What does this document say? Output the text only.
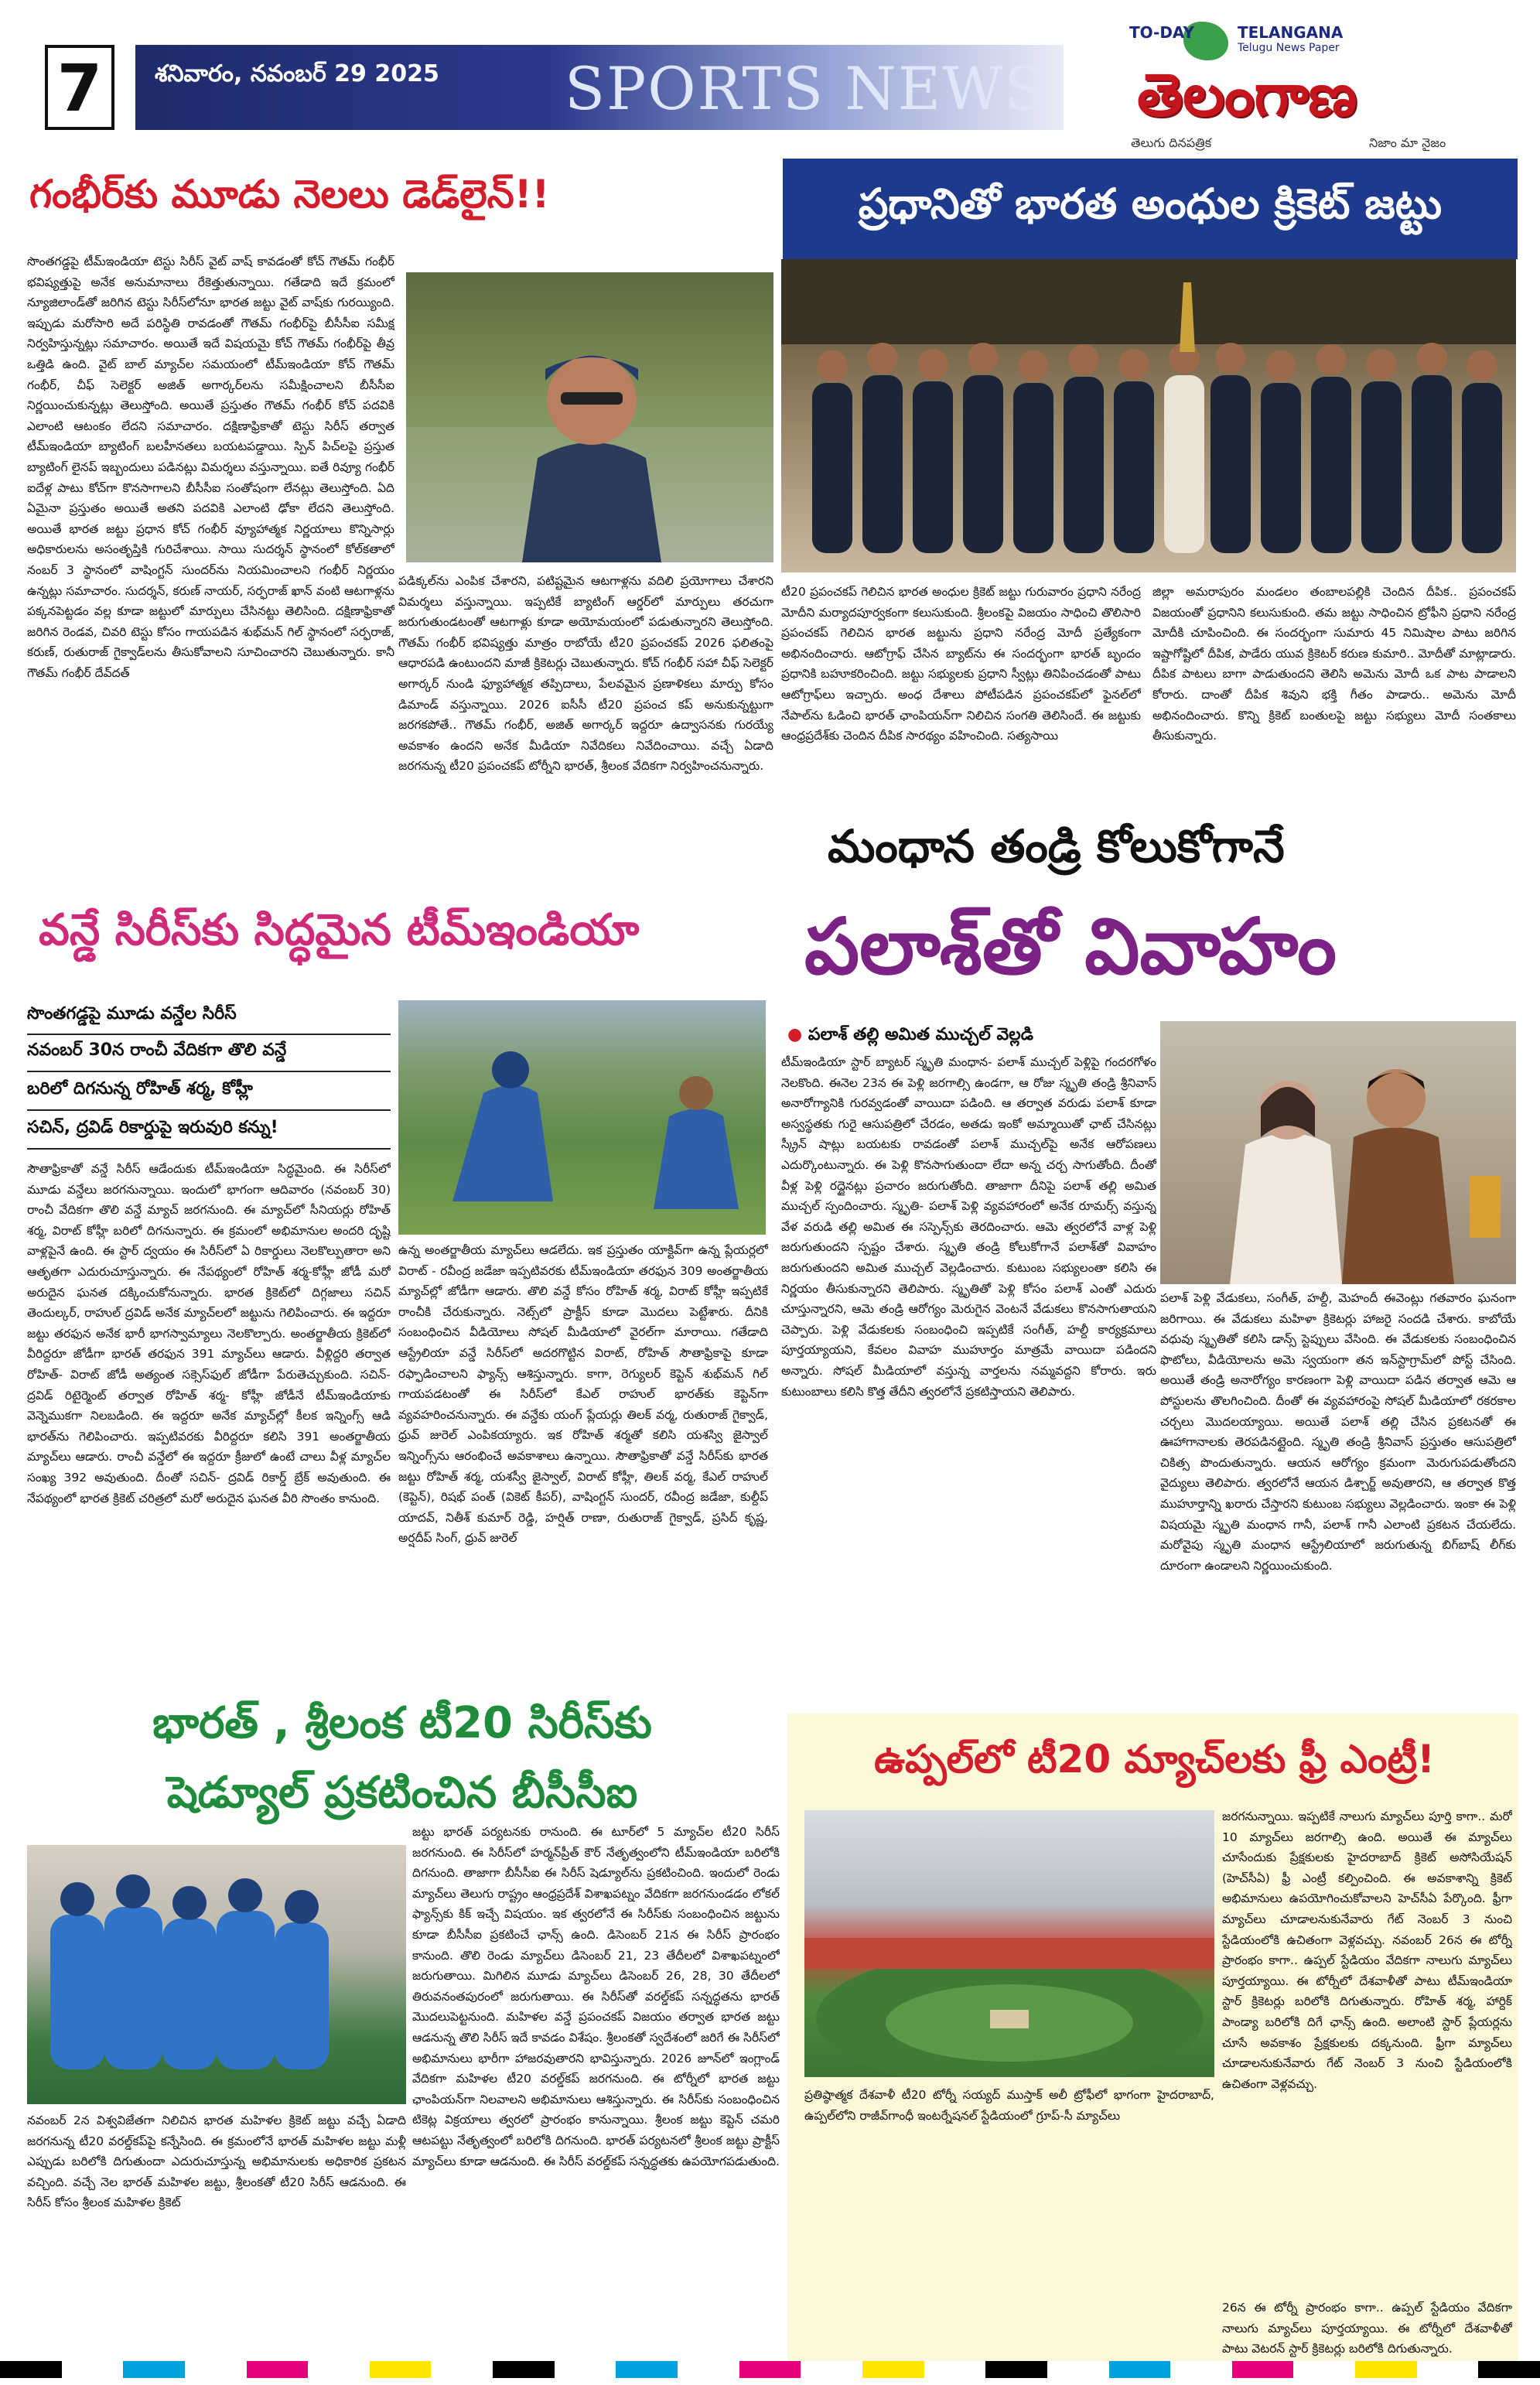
7	శనివారం, నవంబర్ 29 2025 SPORTS NEWS
TO-DAY	TELANGANA
Telugu News Paper
తెలంగాణ
తెలుగు దినపత్రిక	నిజాం మా నైజం
గంభీర్‌కు మూడు నెలలు డెడ్‌లైన్!!
సొంతగడ్డపై టీమ్‌ఇండియా టెస్టు సిరీస్ వైట్ వాష్ కావడంతో కోచ్ గౌతమ్ గంభీర్ భవిష్యత్తుపై అనేక అనుమానాలు రేకెత్తుతున్నాయి. గతేడాది ఇదే క్రమంలో న్యూజిలాండ్‌తో జరిగిన టెస్టు సిరీస్‌లోనూ భారత జట్టు వైట్ వాష్‌కు గురయ్యింది. ఇప్పుడు మరోసారి అదే పరిస్థితి రావడంతో గౌతమ్ గంభీర్‌పై బీసీసీఐ సమీక్ష నిర్వహిస్తున్నట్లు సమాచారం. అయితే ఇదే విషయమై కోచ్ గౌతమ్ గంభీర్‌పై తీవ్ర ఒత్తిడి ఉంది. వైట్ బాల్ మ్యాచ్‌ల సమయంలో టీమ్‌ఇండియా కోచ్ గౌతమ్ గంభీర్, చీఫ్ సెలెక్టర్ అజిత్ అగార్కర్‌లను సమీక్షించాలని బీసీసీఐ నిర్ణయించుకున్నట్లు తెలుస్తోంది. అయితే ప్రస్తుతం గౌతమ్ గంభీర్ కోచ్ పదవికి ఎలాంటి ఆటంకం లేదని సమాచారం. దక్షిణాఫ్రికాతో టెస్టు సిరీస్ తర్వాత టీమ్‌ఇండియా బ్యాటింగ్ బలహీనతలు బయటపడ్డాయి. స్పిన్ పిచ్‌లపై ప్రస్తుత బ్యాటింగ్ లైనప్ ఇబ్బందులు పడినట్లు విమర్శలు వస్తున్నాయి. ఐతే రివ్యూ గంభీర్ ఐదేళ్ల పాటు కోచ్‌గా కొనసాగాలని బీసీసీఐ సంతోషంగా లేనట్లు తెలుస్తోంది. ఏది ఏమైనా ప్రస్తుతం అయితే అతని పదవికి ఎలాంటి ఢోకా లేదని తెలుస్తోంది. అయితే భారత జట్టు ప్రధాన కోచ్ గంభీర్ వ్యూహాత్మక నిర్ణయాలు కొన్నిసార్లు అధికారులను అసంతృప్తికి గురిచేశాయి. సాయి సుదర్శన్ స్థానంలో కోల్‌కతాలో నంబర్ 3 స్థానంలో వాషింగ్టన్ సుందర్‌ను నియమించాలని గంభీర్ నిర్ణయం ఉన్నట్లు సమాచారం. సుదర్శన్, కరుణ్ నాయర్, సర్ఫరాజ్ ఖాన్ వంటి ఆటగాళ్లను పక్కనపెట్టడం వల్ల కూడా జట్టులో మార్పులు చేసినట్టు తెలిసింది. దక్షిణాఫ్రికాతో జరిగిన రెండవ, చివరి టెస్టు కోసం గాయపడిన శుభ్‌మన్ గిల్ స్థానంలో సర్ఫరాజ్, కరుణ్, రుతురాజ్ గైక్వాడ్‌లను తీసుకోవాలని సూచించారని చెబుతున్నారు. కానీ గౌతమ్ గంభీర్ దేవ్‌దత్
పడిక్కల్‌ను ఎంపిక చేశారని, పటిష్టమైన ఆటగాళ్లను వదిలి ప్రయోగాలు చేశారని విమర్శలు వస్తున్నాయి. ఇప్పటికే బ్యాటింగ్ ఆర్డర్‌లో మార్పులు తరచుగా జరుగుతుండటంతో ఆటగాళ్లు కూడా అయోమయంలో పడుతున్నారని తెలుస్తోంది. గౌతమ్ గంభీర్ భవిష్యత్తు మాత్రం రాబోయే టీ20 ప్రపంచకప్ 2026 ఫలితంపై ఆధారపడి ఉంటుందని మాజీ క్రికెటర్లు చెబుతున్నారు. కోచ్ గంభీర్ సహా చీఫ్ సెలెక్టర్ అగార్కర్ నుండి ఫ్యూహాత్మక తప్పిదాలు, పేలవమైన ప్రణాళికలు మార్పు కోసం డిమాండ్ వస్తున్నాయి. 2026 ఐసీసీ టీ20 ప్రపంచ కప్ అనుకున్నట్టుగా జరగకపోతే.. గౌతమ్ గంభీర్, అజిత్ అగార్కర్ ఇద్దరూ ఉద్వాసనకు గురయ్యే అవకాశం ఉందని అనేక మీడియా నివేదికలు నివేదించాయి. వచ్చే ఏడాది జరగనున్న టీ20 ప్రపంచకప్ టోర్నీని భారత్, శ్రీలంక వేదికగా నిర్వహించనున్నారు.
ప్రధానితో భారత అంధుల క్రికెట్ జట్టు
టీ20 ప్రపంచకప్ గెలిచిన భారత అంధుల క్రికెట్ జట్టు గురువారం ప్రధాని నరేంద్ర మోదీని మర్యాదపూర్వకంగా కలుసుకుంది. శ్రీలంకపై విజయం సాధించి తొలిసారి ప్రపంచకప్ గెలిచిన భారత జట్టును ప్రధాని నరేంద్ర మోదీ ప్రత్యేకంగా అభినందించారు. ఆటోగ్రాఫ్ చేసిన బ్యాట్‌ను ఈ సందర్భంగా భారత్ బృందం ప్రధానికి బహూకరించింది. జట్టు సభ్యులకు ప్రధాని స్వీట్లు తినిపించడంతో పాటు ఆటోగ్రాఫ్‌లు ఇచ్చారు. అంధ దేశాలు పోటీపడిన ప్రపంచకప్‌లో ఫైనల్‌లో నేపాల్‌ను ఓడించి భారత్ ఛాంపియన్‌గా నిలిచిన సంగతి తెలిసిందే. ఈ జట్టుకు ఆంధ్రప్రదేశ్‌కు చెందిన దీపిక సారథ్యం వహించింది. సత్యసాయి
జిల్లా అమరాపురం మండలం తంబాలపల్లికి చెందిన దీపిక.. ప్రపంచకప్ విజయంతో ప్రధానిని కలుసుకుంది. తమ జట్టు సాధించిన ట్రోఫీని ప్రధాని నరేంద్ర మోదీకి చూపించింది. ఈ సందర్భంగా సుమారు 45 నిమిషాల పాటు జరిగిన ఇష్టాగోష్టిలో దీపిక, పాడేరు యువ క్రికెటర్ కరుణ కుమారి.. మోదీతో మాట్లాడారు. దీపిక పాటలు బాగా పాడుతుందని తెలిసి అమెను మోదీ ఒక పాట పాడాలని కోరారు. దాంతో దీపిక శివుని భక్తి గీతం పాడారు.. అమెను మోదీ అభినందించారు. కొన్ని క్రికెట్ బంతులపై జట్టు సభ్యులు మోదీ సంతకాలు తీసుకున్నారు.
మంధాన తండ్రి కోలుకోగానే
పలాశ్‌తో వివాహం
● పలాశ్ తల్లి అమిత ముచ్చల్ వెల్లడి
టీమ్‌ఇండియా స్టార్ బ్యాటర్ స్మృతి మంధాన- పలాశ్ ముచ్చల్ పెళ్లిపై గందరగోళం నెలకొంది. ఈనెల 23న ఈ పెళ్లి జరగాల్సి ఉండగా, ఆ రోజు స్మృతి తండ్రి శ్రీనివాస్ అనారోగ్యానికి గురవ్వడంతో వాయిదా పడింది. ఆ తర్వాత వరుడు పలాశ్ కూడా అస్వస్థతకు గురై ఆసుపత్రిలో చేరడం, అతడు ఇంకో అమ్మాయితో ఛాట్ చేసినట్లు స్క్రీన్ షాట్లు బయటకు రావడంతో పలాశ్ ముచ్చల్‌పై అనేక ఆరోపణలు ఎదుర్కొంటున్నారు. ఈ పెళ్లి కొనసాగుతుందా లేదా అన్న చర్చ సాగుతోంది. దీంతో వీళ్ల పెళ్లి రద్దైనట్లు ప్రచారం జరుగుతోంది. తాజాగా దీనిపై పలాశ్ తల్లి అమిత ముచ్చల్ స్పందించారు. స్మృతి- పలాశ్ పెళ్లి వ్యవహారంలో అనేక రూమర్స్ వస్తున్న వేళ వరుడి తల్లి అమిత ఈ సస్పెన్స్‌కు తెరదించారు. ఆమె త్వరలోనే వాళ్ల పెళ్లి జరుగుతుందని స్పష్టం చేశారు. స్మృతి తండ్రి కోలుకోగానే పలాశ్‌తో వివాహం జరుగుతుందని అమిత ముచ్చల్ వెల్లడించారు. కుటుంబ సభ్యులంతా కలిసి ఈ నిర్ణయం తీసుకున్నారని తెలిపారు. స్మృతితో పెళ్లి కోసం పలాశ్ ఎంతో ఎదురు చూస్తున్నారని, ఆమె తండ్రి ఆరోగ్యం మెరుగైన వెంటనే వేడుకలు కొనసాగుతాయని చెప్పారు. పెళ్లి వేడుకలకు సంబంధించి ఇప్పటికే సంగీత్, హల్దీ కార్యక్రమాలు పూర్తయ్యాయని, కేవలం వివాహ ముహూర్తం మాత్రమే వాయిదా పడిందని అన్నారు. సోషల్ మీడియాలో వస్తున్న వార్తలను నమ్మవద్దని కోరారు. ఇరు కుటుంబాలు కలిసి కొత్త తేదీని త్వరలోనే ప్రకటిస్తాయని తెలిపారు.
పలాశ్ పెళ్లి వేడుకలు, సంగీత్, హల్దీ, మెహందీ ఈవెంట్లు గతవారం ఘనంగా జరిగాయి. ఈ వేడుకలు మహిళా క్రికెటర్లు హాజరై సందడి చేశారు. కాబోయే వధువు స్మృతితో కలిసి డాన్స్ స్టెప్పులు వేసింది. ఈ వేడుకలకు సంబంధించిన ఫొటోలు, వీడియోలను అమె స్వయంగా తన ఇన్‌స్టాగ్రామ్‌లో పోస్ట్ చేసింది. అయితే తండ్రి అనారోగ్యం కారణంగా పెళ్లి వాయిదా పడిన తర్వాత ఆమె ఆ పోస్టులను తొలగించింది. దీంతో ఈ వ్యవహారంపై సోషల్ మీడియాలో రకరకాల చర్చలు మొదలయ్యాయి. అయితే పలాశ్ తల్లి చేసిన ప్రకటనతో ఈ ఊహాగానాలకు తెరపడినట్లైంది. స్మృతి తండ్రి శ్రీనివాస్ ప్రస్తుతం ఆసుపత్రిలో చికిత్స పొందుతున్నారు. ఆయన ఆరోగ్యం క్రమంగా మెరుగుపడుతోందని వైద్యులు తెలిపారు. త్వరలోనే ఆయన డిశ్చార్జ్ అవుతారని, ఆ తర్వాత కొత్త ముహూర్తాన్ని ఖరారు చేస్తారని కుటుంబ సభ్యులు వెల్లడించారు. ఇంకా ఈ పెళ్లి విషయమై స్మృతి మంధాన గానీ, పలాశ్ గానీ ఎలాంటి ప్రకటన చేయలేదు. మరోవైపు స్మృతి మంధాన ఆస్ట్రేలియాలో జరుగుతున్న బిగ్‌బాష్ లీగ్‌కు దూరంగా ఉండాలని నిర్ణయించుకుంది.
వన్డే సిరీస్‌కు సిద్ధమైన టీమ్‌ఇండియా
సొంతగడ్డపై మూడు వన్డేల సిరీస్
నవంబర్ 30న రాంచీ వేదికగా తొలి వన్డే
బరిలో దిగనున్న రోహిత్ శర్మ, కోహ్లీ
సచిన్, ద్రవిడ్ రికార్డుపై ఇరువురి కన్ను!
సౌతాఫ్రికాతో వన్డే సిరీస్ ఆడేందుకు టీమ్‌ఇండియా సిద్ధమైంది. ఈ సిరీస్‌లో మూడు వన్డేలు జరగనున్నాయి. ఇందులో భాగంగా ఆదివారం (నవంబర్ 30) రాంచీ వేదికగా తొలి వన్డే మ్యాచ్ జరగనుంది. ఈ మ్యాచ్‌లో సీనియర్లు రోహిత్ శర్మ, విరాట్ కోహ్లీ బరిలో దిగనున్నారు. ఈ క్రమంలో అభిమానుల అందరి దృష్టి వాళ్లపైనే ఉంది. ఈ స్టార్ ద్వయం ఈ సిరీస్‌లో ఏ రికార్డులు నెలకొల్పుతారా అని ఆతృతగా ఎదురుచూస్తున్నారు. ఈ నేపథ్యంలో రోహిత్ శర్మ-కోహ్లీ జోడీ మరో అరుదైన ఘనత దక్కించుకోనున్నారు. భారత క్రికెట్‌లో దిగ్గజాలు సచిన్ తెందుల్కర్, రాహుల్ ద్రవిడ్ అనేక మ్యాచ్‌లలో జట్టును గెలిపించారు. ఈ ఇద్దరూ జట్టు తరఫున అనేక భారీ భాగస్వామ్యాలు నెలకొల్పారు. అంతర్జాతీయ క్రికెట్‌లో వీరిద్దరూ జోడీగా భారత్ తరఫున 391 మ్యాచ్‌లు ఆడారు. వీళ్లిద్దరి తర్వాత రోహిత్- విరాట్ జోడీ అత్యంత సక్సెస్‌ఫుల్ జోడీగా పేరుతెచ్చుకుంది. సచిన్- ద్రవిడ్ రిటైర్మెంట్ తర్వాత రోహిత్ శర్మ- కోహ్లీ జోడీనే టీమ్‌ఇండియాకు వెన్నెముకగా నిలబడింది. ఈ ఇద్దరూ అనేక మ్యాచ్‌ల్లో కీలక ఇన్నింగ్స్ ఆడి భారత్‌ను గెలిపించారు. ఇప్పటివరకు వీరిద్దరూ కలిసి 391 అంతర్జాతీయ మ్యాచ్‌లు ఆడారు. రాంచీ వన్డేలో ఈ ఇద్దరూ క్రీజులో ఉంటే చాలు వీళ్ల మ్యాచ్‌ల సంఖ్య 392 అవుతుంది. దీంతో సచిన్- ద్రవిడ్ రికార్డ్ బ్రేక్ అవుతుంది. ఈ నేపథ్యంలో భారత క్రికెట్ చరిత్రలో మరో అరుదైన ఘనత వీరి సొంతం కానుంది.
ఉన్న అంతర్జాతీయ మ్యాచ్‌లు ఆడలేదు. ఇక ప్రస్తుతం యాక్టివ్‌గా ఉన్న ప్లేయర్లలో విరాట్ - రవీంద్ర జడేజా ఇప్పటివరకు టీమ్‌ఇండియా తరఫున 309 అంతర్జాతీయ మ్యాచ్‌ల్లో జోడీగా ఆడారు. తొలి వన్డే కోసం రోహిత్ శర్మ, విరాట్ కోహ్లీ ఇప్పటికే రాంచీకి చేరుకున్నారు. నెట్స్‌లో ప్రాక్టీస్ కూడా మొదలు పెట్టేశారు. దీనికి సంబంధించిన వీడియోలు సోషల్ మీడియాలో వైరల్‌గా మారాయి. గతేడాది ఆస్ట్రేలియా వన్డే సిరీస్‌లో అదరగొట్టిన విరాట్, రోహిత్ సౌతాఫ్రికాపై కూడా రఫ్ఫాడించాలని ఫ్యాన్స్ ఆశిస్తున్నారు. కాగా, రెగ్యులర్ కెప్టెన్ శుభ్‌మన్ గిల్ గాయపడటంతో ఈ సిరీస్‌లో కేఎల్ రాహుల్ భారత్‌కు కెప్టెన్‌గా వ్యవహరించనున్నారు. ఈ వన్డేకు యంగ్ ప్లేయర్లు తిలక్ వర్మ, రుతురాజ్ గైక్వాడ్, ధ్రువ్ జురెల్ ఎంపికయ్యారు. ఇక రోహిత్ శర్మతో కలిసి యశస్వి జైస్వాల్ ఇన్నింగ్స్‌ను ఆరంభించే అవకాశాలు ఉన్నాయి. సౌతాఫ్రికాతో వన్డే సిరీస్‌కు భారత జట్టు రోహిత్ శర్మ, యశస్వీ జైస్వాల్, విరాట్ కోహ్లీ, తిలక్ వర్మ, కేఎల్ రాహుల్ (కెప్టెన్), రిషభ్ పంత్ (వికెట్ కీపర్), వాషింగ్టన్ సుందర్, రవీంద్ర జడేజా, కుల్దీప్ యాదవ్, నితీశ్ కుమార్ రెడ్డి, హర్షిత్ రాణా, రుతురాజ్ గైక్వాడ్, ప్రసిద్ కృష్ణ, అర్షదీప్ సింగ్, ధ్రువ్ జురెల్
భారత్ , శ్రీలంక టీ20 సిరీస్‌కు
షెడ్యూల్ ప్రకటించిన బీసీసీఐ
నవంబర్ 2న విశ్వవిజేతగా నిలిచిన భారత మహిళల క్రికెట్ జట్టు వచ్చే ఏడాది జరగనున్న టీ20 వరల్డ్‌కప్‌పై కన్నేసింది. ఈ క్రమంలోనే భారత్ మహిళల జట్టు మళ్లీ ఎప్పుడు బరిలోకి దిగుతుందా ఎదురుచూస్తున్న అభిమానులకు అధికారిక ప్రకటన వచ్చింది. వచ్చే నెల భారత్ మహిళల జట్టు, శ్రీలంకతో టీ20 సిరీస్ ఆడనుంది. ఈ సిరీస్ కోసం శ్రీలంక మహిళల క్రికెట్
జట్టు భారత్ పర్యటనకు రానుంది. ఈ టూర్‌లో 5 మ్యాచ్‌ల టీ20 సిరీస్ జరగనుంది. ఈ సిరీస్‌లో హర్మన్‌ప్రీత్ కౌర్ నేతృత్వంలోని టీమ్‌ఇండియా బరిలోకి దిగనుంది. తాజాగా బీసీసీఐ ఈ సిరీస్ షెడ్యూల్‌ను ప్రకటించింది. ఇందులో రెండు మ్యాచ్‌లు తెలుగు రాష్ట్రం ఆంధ్రప్రదేశ్ విశాఖపట్నం వేదికగా జరగనుండడం లోకల్ ఫ్యాన్స్‌కు కిక్ ఇచ్చే విషయం. ఇక త్వరలోనే ఈ సిరీస్‌కు సంబంధించిన జట్టును కూడా బీసీసీఐ ప్రకటించే ఛాన్స్ ఉంది. డిసెంబర్ 21న ఈ సిరీస్ ప్రారంభం కానుంది. తొలి రెండు మ్యాచ్‌లు డిసెంబర్ 21, 23 తేదీలలో విశాఖపట్నంలో జరుగుతాయి. మిగిలిన మూడు మ్యాచ్‌లు డిసెంబర్ 26, 28, 30 తేదీలలో తిరువనంతపురంలో జరుగుతాయి. ఈ సిరీస్‌తో వరల్డ్‌కప్ సన్నద్ధతను భారత్ మొదలుపెట్టనుంది. మహిళల వన్డే ప్రపంచకప్ విజయం తర్వాత భారత జట్టు ఆడనున్న తొలి సిరీస్ ఇదే కావడం విశేషం. శ్రీలంకతో స్వదేశంలో జరిగే ఈ సిరీస్‌లో అభిమానులు భారీగా హాజరవుతారని భావిస్తున్నారు. 2026 జూన్‌లో ఇంగ్లాండ్ వేదికగా మహిళల టీ20 వరల్డ్‌కప్ జరగనుంది. ఈ టోర్నీలో భారత జట్టు ఛాంపియన్‌గా నిలవాలని అభిమానులు ఆశిస్తున్నారు. ఈ సిరీస్‌కు సంబంధించిన టికెట్ల విక్రయాలు త్వరలో ప్రారంభం కానున్నాయి. శ్రీలంక జట్టు కెప్టెన్ చమరి ఆటపట్టు నేతృత్వంలో బరిలోకి దిగనుంది. భారత్ పర్యటనలో శ్రీలంక జట్టు ప్రాక్టీస్ మ్యాచ్‌లు కూడా ఆడనుంది. ఈ సిరీస్ వరల్డ్‌కప్ సన్నద్ధతకు ఉపయోగపడుతుంది.
ఉప్పల్‌లో టీ20 మ్యాచ్‌లకు ఫ్రీ ఎంట్రీ!
జరగనున్నాయి. ఇప్పటికే నాలుగు మ్యాచ్‌లు పూర్తి కాగా.. మరో 10 మ్యాచ్‌లు జరగాల్సి ఉంది. అయితే ఈ మ్యాచ్‌లు చూసేందుకు ప్రేక్షకులకు హైదరాబాద్ క్రికెట్ అసోసియేషన్ (హెచ్‌సీఏ) ఫ్రీ ఎంట్రీ కల్పించింది. ఈ అవకాశాన్ని క్రికెట్ అభిమానులు ఉపయోగించుకోవాలని హెచ్‌సీఏ పేర్కొంది. ఫ్రీగా మ్యాచ్‌లు చూడాలనుకునేవారు గేట్ నెంబర్ 3 నుంచి స్టేడియంలోకి ఉచితంగా వెళ్లవచ్చు. నవంబర్ 26న ఈ టోర్నీ ప్రారంభం కాగా.. ఉప్పల్ స్టేడియం వేదికగా నాలుగు మ్యాచ్‌లు పూర్తయ్యాయి. ఈ టోర్నీలో దేశవాళీతో పాటు టీమ్‌ఇండియా స్టార్ క్రికెటర్లు బరిలోకి దిగుతున్నారు. రోహిత్ శర్మ, హార్దిక్ పాండ్యా బరిలోకి దిగే ఛాన్స్ ఉంది. అలాంటి స్టార్ ప్లేయర్లను చూసే అవకాశం ప్రేక్షకులకు దక్కనుంది. ఫ్రీగా మ్యాచ్‌లు చూడాలనుకునేవారు గేట్ నెంబర్ 3 నుంచి స్టేడియంలోకి ఉచితంగా వెళ్లవచ్చు.
ప్రతిష్ఠాత్మక దేశవాళీ టీ20 టోర్నీ సయ్యద్ ముస్తాక్ అలీ ట్రోఫీలో భాగంగా హైదరాబాద్, ఉప్పల్‌లోని రాజీవ్‌గాంధీ ఇంటర్నేషనల్ స్టేడియంలో గ్రూప్-సీ మ్యాచ్‌లు
26న ఈ టోర్నీ ప్రారంభం కాగా.. ఉప్పల్ స్టేడియం వేదికగా నాలుగు మ్యాచ్‌లు పూర్తయ్యాయి. ఈ టోర్నీలో దేశవాళీతో పాటు వెటరన్ స్టార్ క్రికెటర్లు బరిలోకి దిగుతున్నారు.
